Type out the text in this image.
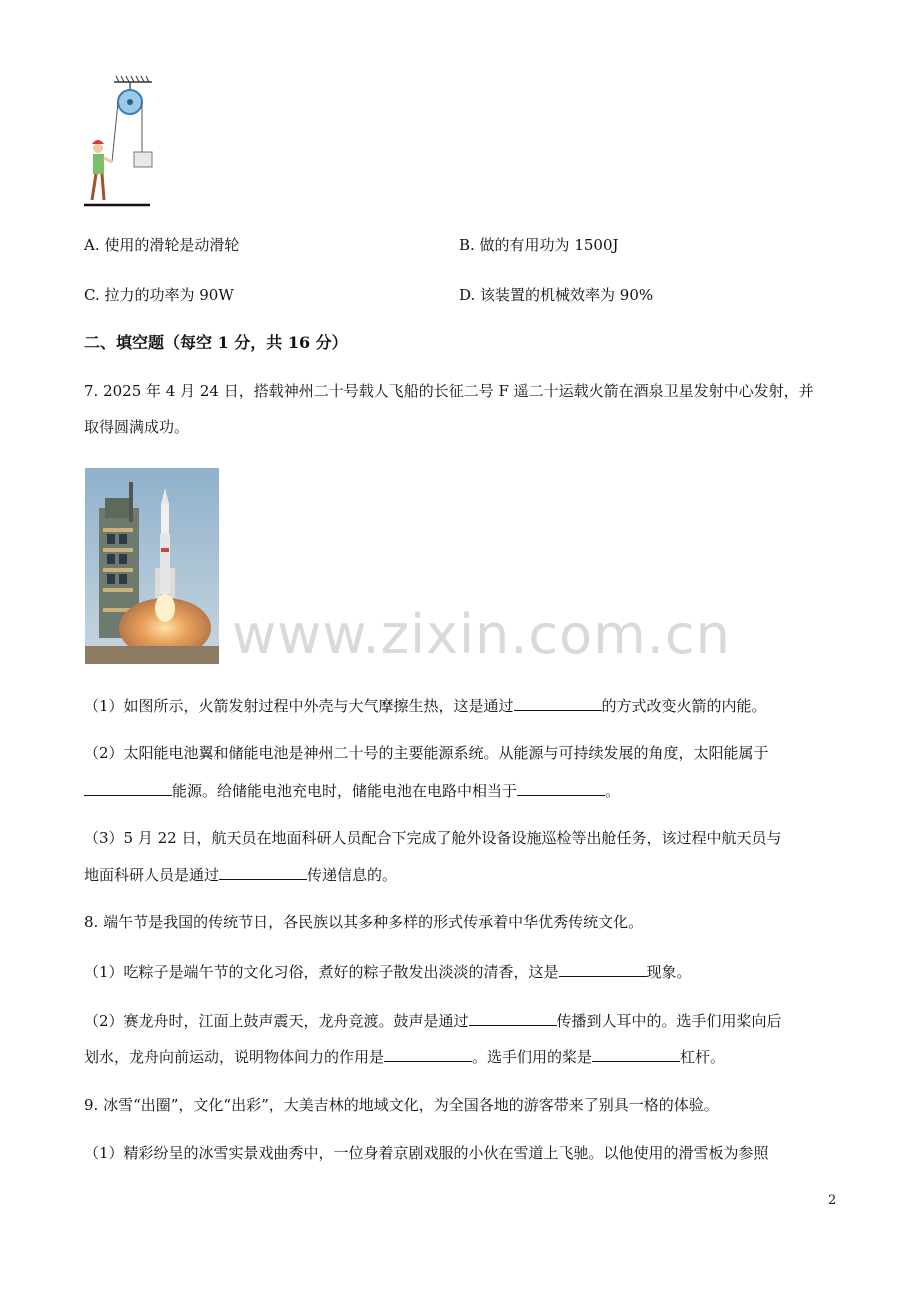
A. 使用的滑轮是动滑轮	B. 做的有用功为 1500J
C. 拉力的功率为 90W	D. 该装置的机械效率为 90%
二、填空题（每空 1 分，共 16 分）
7. 2025 年 4 月 24 日，搭载神州二十号载人飞船的长征二号 F 遥二十运载火箭在酒泉卫星发射中心发射，并
取得圆满成功。
www.zixin.com.cn
（1）如图所示，火箭发射过程中外壳与大气摩擦生热，这是通过	的方式改变火箭的内能。
（2）太阳能电池翼和储能电池是神州二十号的主要能源系统。从能源与可持续发展的角度，太阳能属于
能源。给储能电池充电时，储能电池在电路中相当于	。
（3）5 月 22 日，航天员在地面科研人员配合下完成了舱外设备设施巡检等出舱任务，该过程中航天员与
地面科研人员是通过	传递信息的。
8. 端午节是我国的传统节日，各民族以其多种多样的形式传承着中华优秀传统文化。
（1）吃粽子是端午节的文化习俗，煮好的粽子散发出淡淡的清香，这是	现象。
（2）赛龙舟时，江面上鼓声震天，龙舟竞渡。鼓声是通过	传播到人耳中的。选手们用桨向后
划水，龙舟向前运动，说明物体间力的作用是	。选手们用的桨是	杠杆。
9. 冰雪“出圈”，文化“出彩”，大美吉林的地域文化，为全国各地的游客带来了别具一格的体验。
（1）精彩纷呈的冰雪实景戏曲秀中，一位身着京剧戏服的小伙在雪道上飞驰。以他使用的滑雪板为参照
2
